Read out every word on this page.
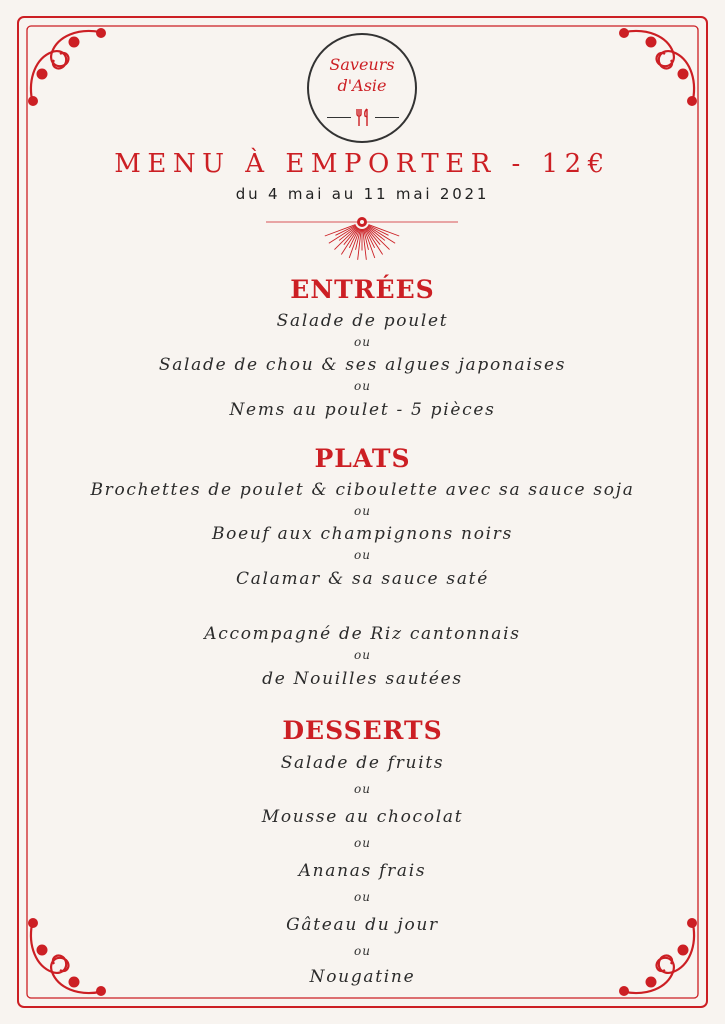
Saveurs
d'Asie
MENU À EMPORTER - 12€
du 4 mai au 11 mai 2021
ENTRÉES

Salade de poulet

ou

Salade de chou & ses algues japonaises

ou

Nems au poulet - 5 pièces

PLATS

Brochettes de poulet & ciboulette avec sa sauce soja

ou

Boeuf aux champignons noirs

ou

Calamar & sa sauce saté

Accompagné de Riz cantonnais

ou

de Nouilles sautées

DESSERTS

Salade de fruits

ou

Mousse au chocolat

ou

Ananas frais

ou

Gâteau du jour

ou

Nougatine
